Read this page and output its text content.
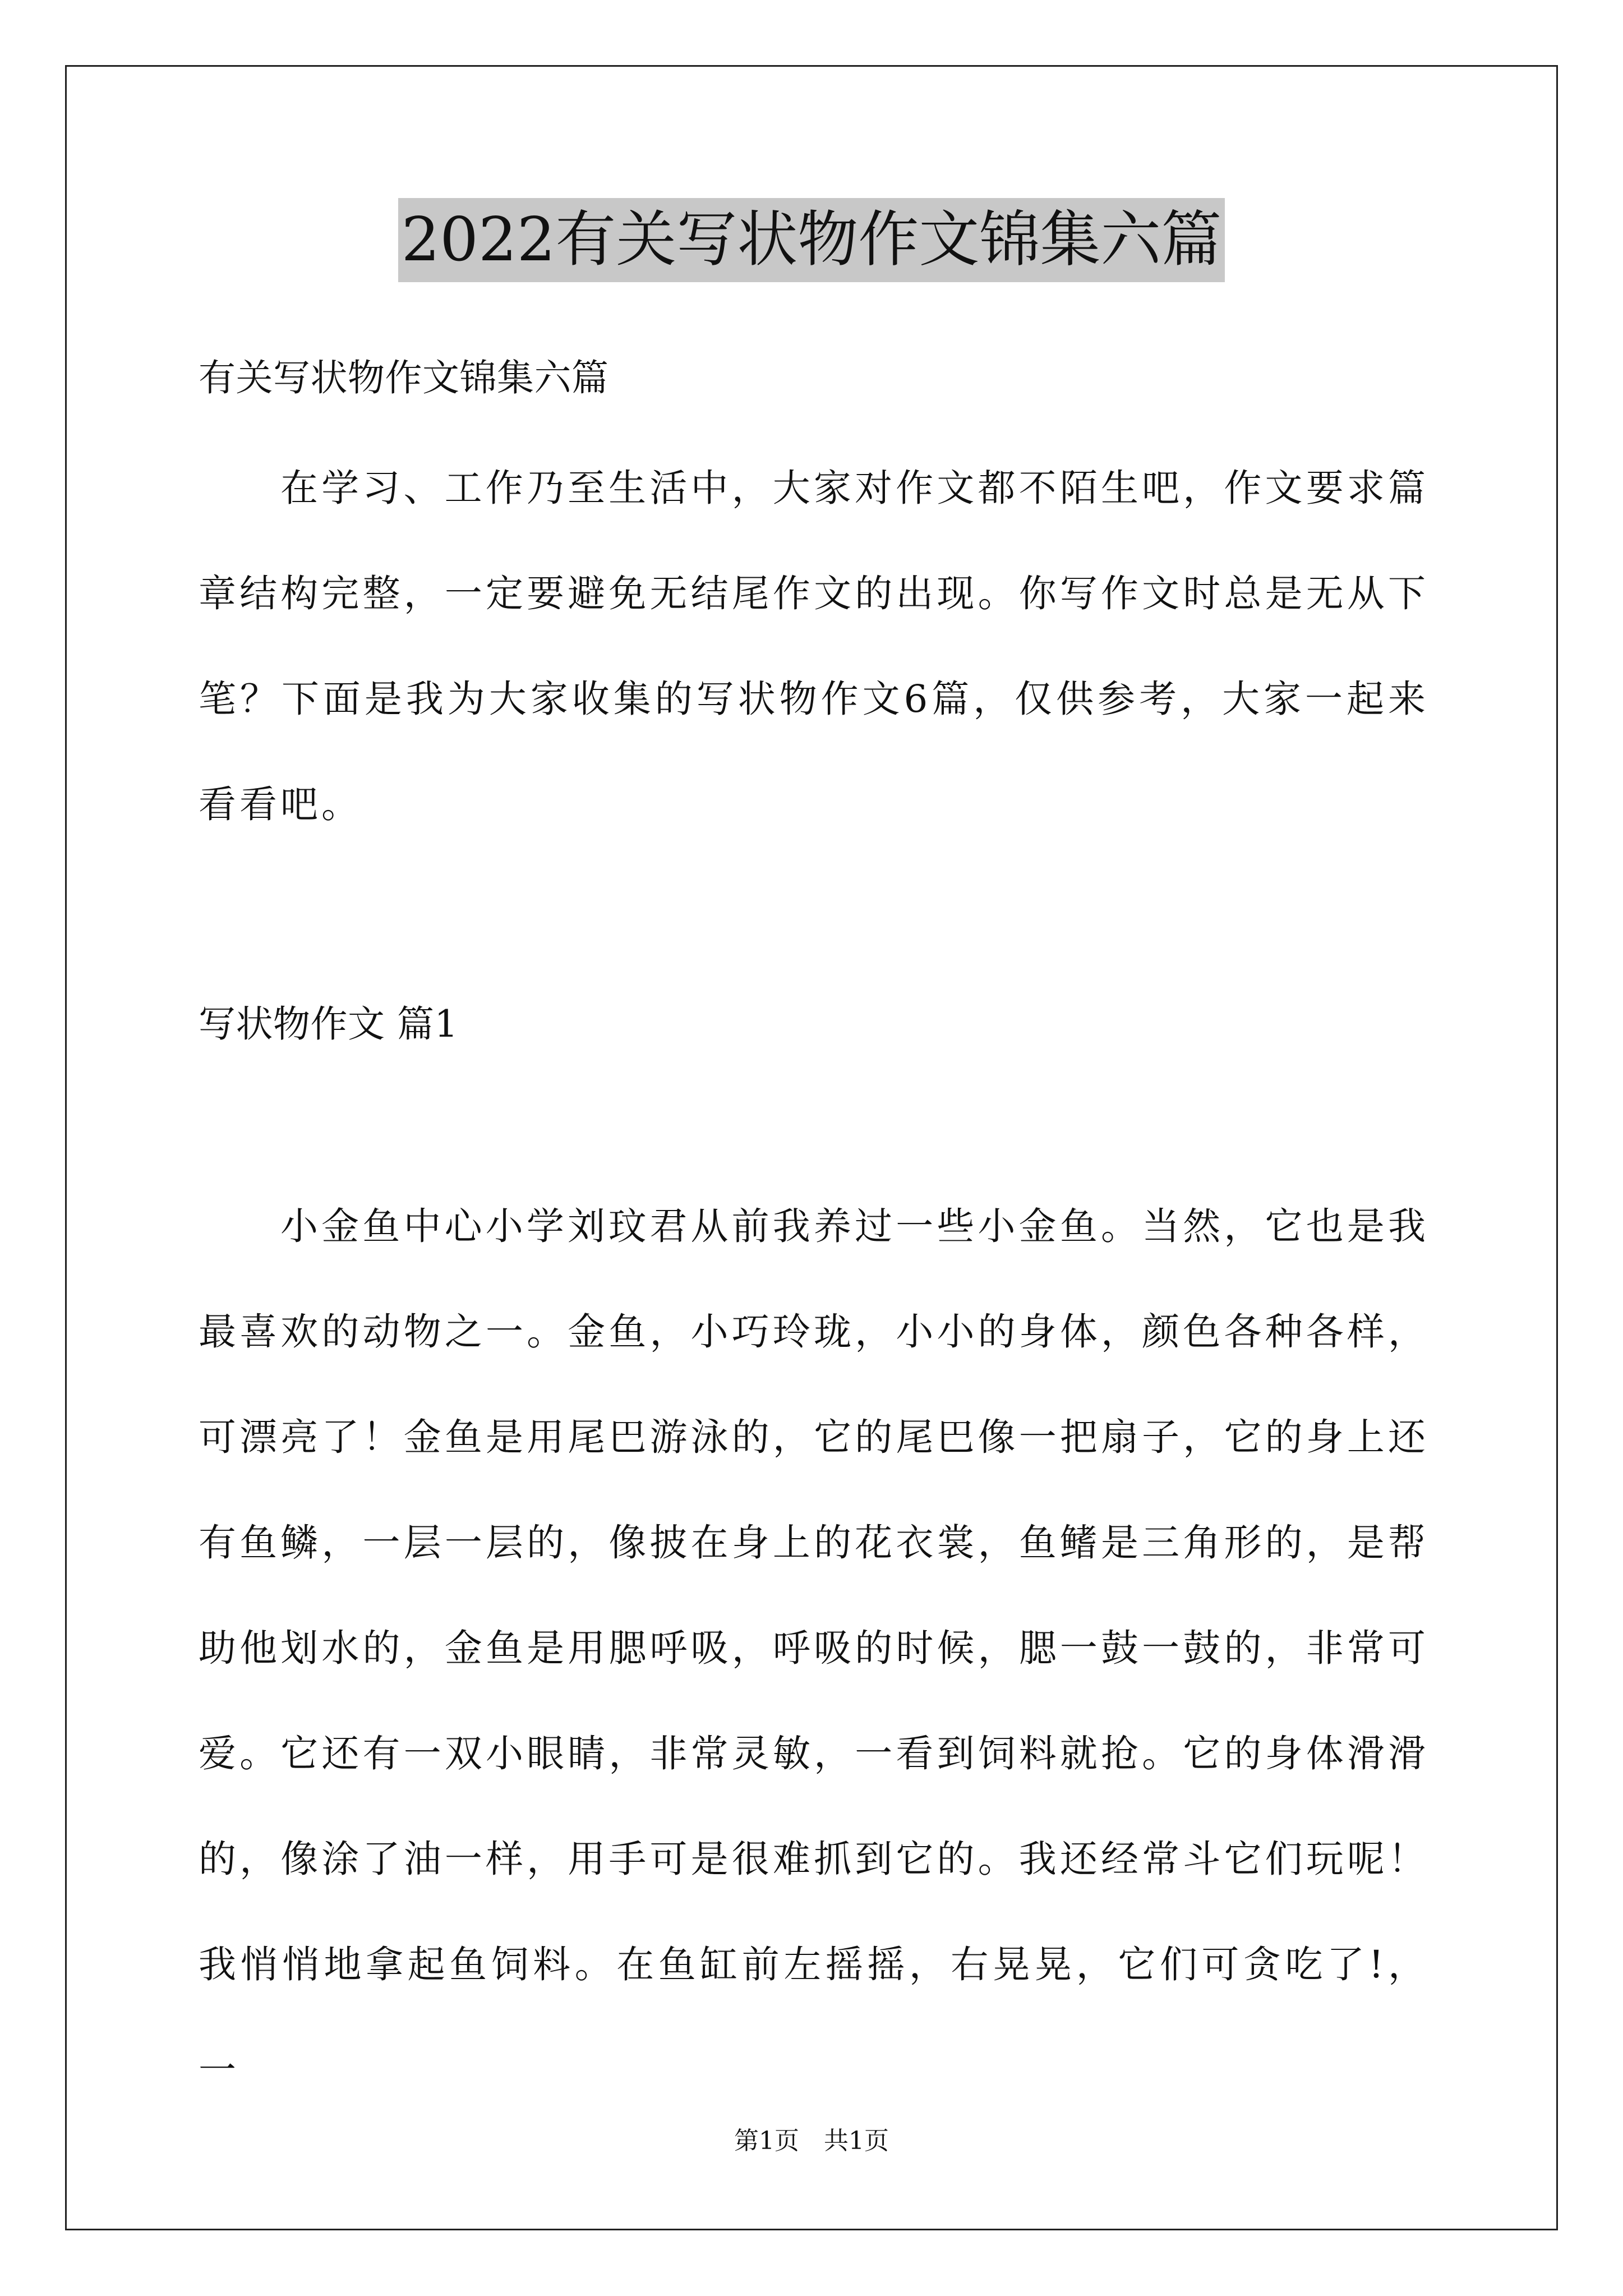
2022有关写状物作文锦集六篇
有关写状物作文锦集六篇
在学习、工作乃至生活中，大家对作文都不陌生吧，作文要求篇章结构完整，一定要避免无结尾作文的出现。你写作文时总是无从下笔？下面是我为大家收集的写状物作文6篇，仅供参考，大家一起来看看吧。
写状物作文 篇1
小金鱼中心小学刘玟君从前我养过一些小金鱼。当然，它也是我最喜欢的动物之一。金鱼，小巧玲珑，小小的身体，颜色各种各样，可漂亮了！金鱼是用尾巴游泳的，它的尾巴像一把扇子，它的身上还有鱼鳞，一层一层的，像披在身上的花衣裳，鱼鳍是三角形的，是帮助他划水的，金鱼是用腮呼吸，呼吸的时候，腮一鼓一鼓的，非常可爱。它还有一双小眼睛，非常灵敏，一看到饲料就抢。它的身体滑滑的，像涂了油一样，用手可是很难抓到它的。我还经常斗它们玩呢！我悄悄地拿起鱼饲料。在鱼缸前左摇摇，右晃晃，它们可贪吃了!，一
第1页　共1页
